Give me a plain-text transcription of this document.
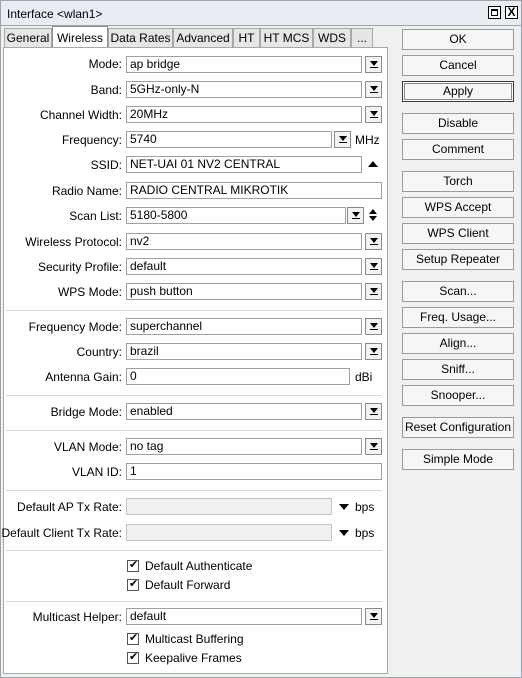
Interface <wlan1>	X
General Wireless Data Rates Advanced HT HT MCS WDS ...
Mode: ap bridge
Band: 5GHz-only-N
Channel Width: 20MHz
Frequency: 5740	MHz
SSID: NET-UAI 01 NV2 CENTRAL
Radio Name: RADIO CENTRAL MIKROTIK
Scan List: 5180-5800
Wireless Protocol: nv2
Security Profile: default
WPS Mode: push button
Frequency Mode: superchannel
Country: brazil
Antenna Gain: 0	dBi
Bridge Mode: enabled
VLAN Mode: no tag
VLAN ID: 1
Default AP Tx Rate:	bps
Default Client Tx Rate:	bps
✔
Default Authenticate
✔
Default Forward
Multicast Helper: default
✔
Multicast Buffering
✔
Keepalive Frames
OK
Cancel
Apply
Disable
Comment
Torch
WPS Accept
WPS Client
Setup Repeater
Scan...
Freq. Usage...
Align...
Sniff...
Snooper...
Reset Configuration
Simple Mode
